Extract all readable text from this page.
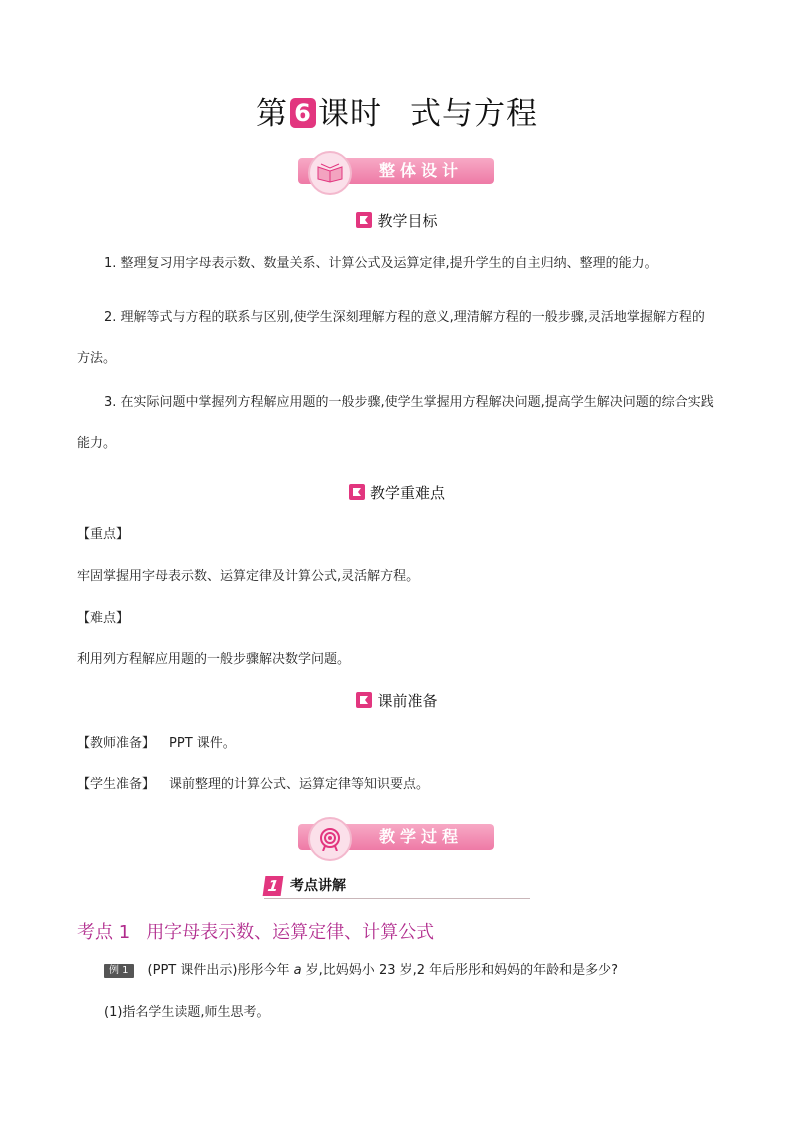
第 6 课时 式与方程
整体设计
教学目标
1. 整理复习用字母表示数、数量关系、计算公式及运算定律,提升学生的自主归纳、整理的能力。
2. 理解等式与方程的联系与区别,使学生深刻理解方程的意义,理清解方程的一般步骤,灵活地掌握解方程的方法。
3. 在实际问题中掌握列方程解应用题的一般步骤,使学生掌握用方程解决问题,提高学生解决问题的综合实践能力。
教学重难点
【重点】
牢固掌握用字母表示数、运算定律及计算公式,灵活解方程。
【难点】
利用列方程解应用题的一般步骤解决数学问题。
课前准备
【教师准备】 PPT 课件。
【学生准备】 课前整理的计算公式、运算定律等知识要点。
教学过程
1 考点讲解
考点 1 用字母表示数、运算定律、计算公式
例 1 (PPT 课件出示)彤彤今年 a 岁,比妈妈小 23 岁,2 年后彤彤和妈妈的年龄和是多少?
(1)指名学生读题,师生思考。
